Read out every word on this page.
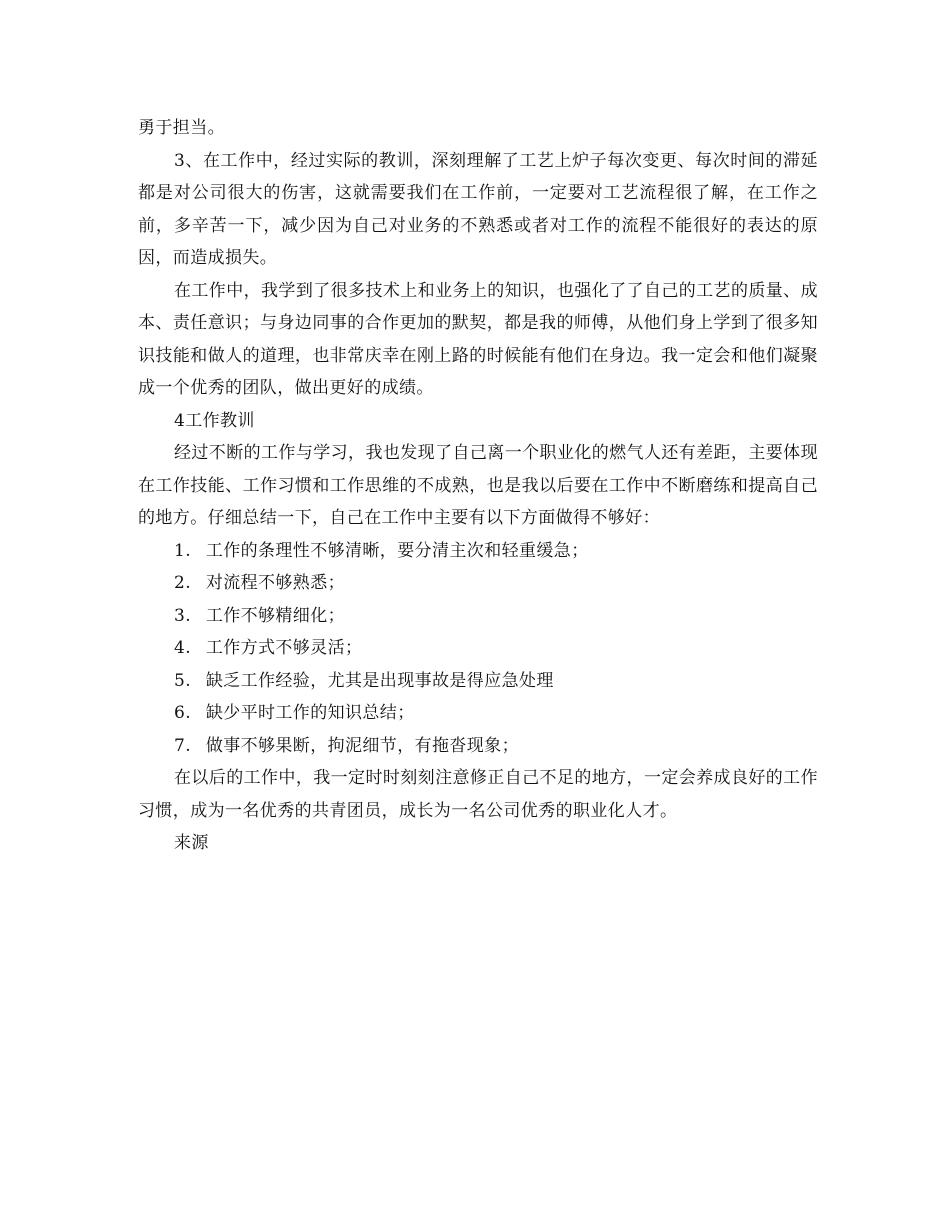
勇于担当。

3、在工作中，经过实际的教训，深刻理解了工艺上炉子每次变更、每次时间的滞延都是对公司很大的伤害，这就需要我们在工作前，一定要对工艺流程很了解，在工作之前，多辛苦一下，减少因为自己对业务的不熟悉或者对工作的流程不能很好的表达的原因，而造成损失。

在工作中，我学到了很多技术上和业务上的知识，也强化了了自己的工艺的质量、成本、责任意识；与身边同事的合作更加的默契，都是我的师傅，从他们身上学到了很多知识技能和做人的道理，也非常庆幸在刚上路的时候能有他们在身边。我一定会和他们凝聚成一个优秀的团队，做出更好的成绩。

4工作教训

经过不断的工作与学习，我也发现了自己离一个职业化的燃气人还有差距，主要体现在工作技能、工作习惯和工作思维的不成熟，也是我以后要在工作中不断磨练和提高自己的地方。仔细总结一下，自己在工作中主要有以下方面做得不够好：

1. 工作的条理性不够清晰，要分清主次和轻重缓急；
2. 对流程不够熟悉；
3. 工作不够精细化；
4. 工作方式不够灵活；
5. 缺乏工作经验，尤其是出现事故是得应急处理
6. 缺少平时工作的知识总结；
7. 做事不够果断，拘泥细节，有拖沓现象；

在以后的工作中，我一定时时刻刻注意修正自己不足的地方，一定会养成良好的工作习惯，成为一名优秀的共青团员，成长为一名公司优秀的职业化人才。

来源
